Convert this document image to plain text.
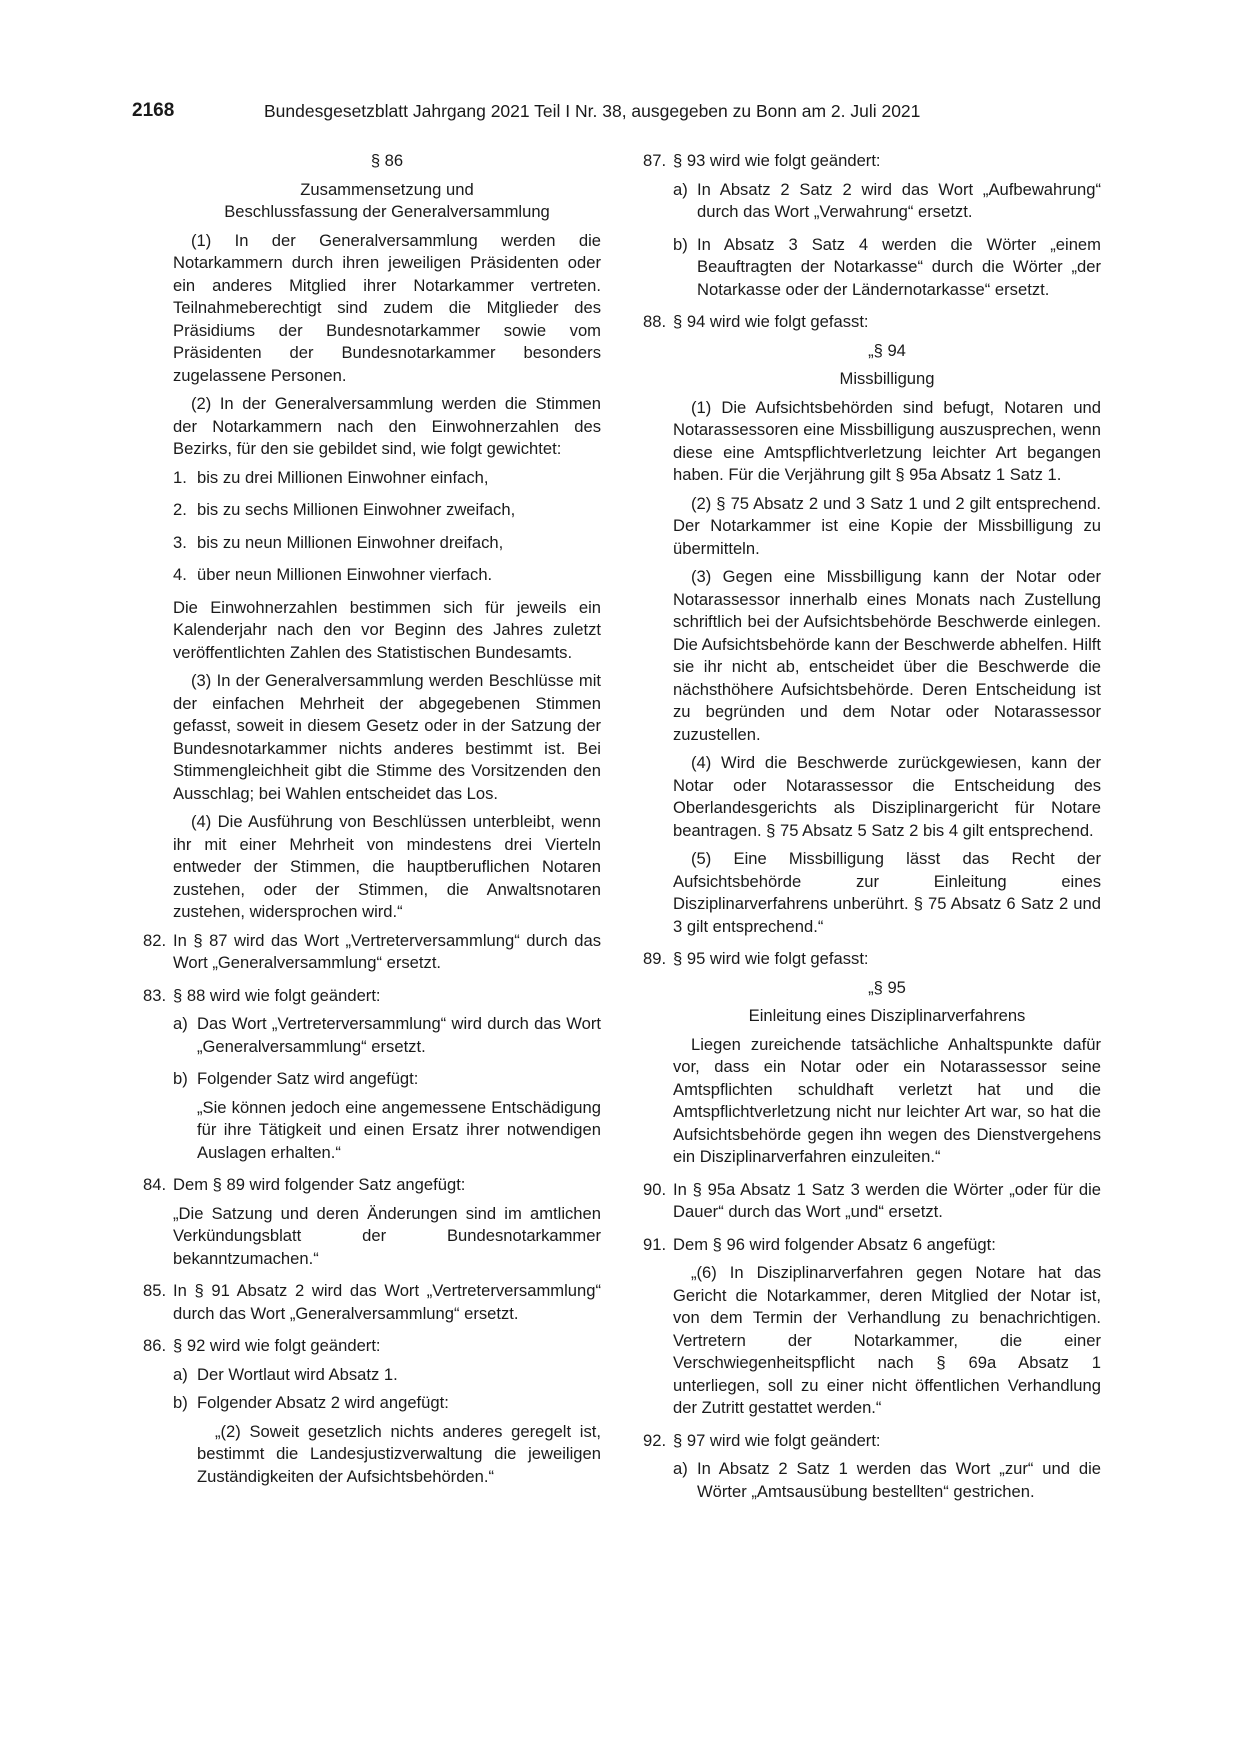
2168	Bundesgesetzblatt Jahrgang 2021 Teil I Nr. 38, ausgegeben zu Bonn am 2. Juli 2021

§ 86

Zusammensetzung und

Beschlussfassung der Generalversammlung

(1) In der Generalversammlung werden die Notarkammern durch ihren jeweiligen Präsidenten oder ein anderes Mitglied ihrer Notarkammer vertreten. Teilnahmeberechtigt sind zudem die Mitglieder des Präsidiums der Bundesnotarkammer sowie vom Präsidenten der Bundesnotarkammer besonders zugelassene Personen.

(2) In der Generalversammlung werden die Stimmen der Notarkammern nach den Einwohnerzahlen des Bezirks, für den sie gebildet sind, wie folgt gewichtet:

1. bis zu drei Millionen Einwohner einfach,
2. bis zu sechs Millionen Einwohner zweifach,
3. bis zu neun Millionen Einwohner dreifach,
4. über neun Millionen Einwohner vierfach.

Die Einwohnerzahlen bestimmen sich für jeweils ein Kalenderjahr nach den vor Beginn des Jahres zuletzt veröffentlichten Zahlen des Statistischen Bundesamts.

(3) In der Generalversammlung werden Beschlüsse mit der einfachen Mehrheit der abgegebenen Stimmen gefasst, soweit in diesem Gesetz oder in der Satzung der Bundesnotarkammer nichts anderes bestimmt ist. Bei Stimmengleichheit gibt die Stimme des Vorsitzenden den Ausschlag; bei Wahlen entscheidet das Los.

(4) Die Ausführung von Beschlüssen unterbleibt, wenn ihr mit einer Mehrheit von mindestens drei Vierteln entweder der Stimmen, die hauptberuflichen Notaren zustehen, oder der Stimmen, die Anwaltsnotaren zustehen, widersprochen wird.“

82. In § 87 wird das Wort „Vertreterversammlung“ durch das Wort „Generalversammlung“ ersetzt.
83. § 88 wird wie folgt geändert:
a) Das Wort „Vertreterversammlung“ wird durch das Wort „Generalversammlung“ ersetzt.
b) Folgender Satz wird angefügt:

„Sie können jedoch eine angemessene Entschädigung für ihre Tätigkeit und einen Ersatz ihrer notwendigen Auslagen erhalten.“

84. Dem § 89 wird folgender Satz angefügt:

„Die Satzung und deren Änderungen sind im amtlichen Verkündungsblatt der Bundesnotarkammer bekanntzumachen.“

85. In § 91 Absatz 2 wird das Wort „Vertreterversammlung“ durch das Wort „Generalversammlung“ ersetzt.
86. § 92 wird wie folgt geändert:
a) Der Wortlaut wird Absatz 1.
b) Folgender Absatz 2 wird angefügt:

„(2) Soweit gesetzlich nichts anderes geregelt ist, bestimmt die Landesjustizverwaltung die jeweiligen Zuständigkeiten der Aufsichtsbehörden.“

87. § 93 wird wie folgt geändert:
a) In Absatz 2 Satz 2 wird das Wort „Aufbewahrung“ durch das Wort „Verwahrung“ ersetzt.
b) In Absatz 3 Satz 4 werden die Wörter „einem Beauftragten der Notarkasse“ durch die Wörter „der Notarkasse oder der Ländernotarkasse“ ersetzt.
88. § 94 wird wie folgt gefasst:

„§ 94

Missbilligung

(1) Die Aufsichtsbehörden sind befugt, Notaren und Notarassessoren eine Missbilligung auszusprechen, wenn diese eine Amtspflichtverletzung leichter Art begangen haben. Für die Verjährung gilt § 95a Absatz 1 Satz 1.

(2) § 75 Absatz 2 und 3 Satz 1 und 2 gilt entsprechend. Der Notarkammer ist eine Kopie der Missbilligung zu übermitteln.

(3) Gegen eine Missbilligung kann der Notar oder Notarassessor innerhalb eines Monats nach Zustellung schriftlich bei der Aufsichtsbehörde Beschwerde einlegen. Die Aufsichtsbehörde kann der Beschwerde abhelfen. Hilft sie ihr nicht ab, entscheidet über die Beschwerde die nächsthöhere Aufsichtsbehörde. Deren Entscheidung ist zu begründen und dem Notar oder Notarassessor zuzustellen.

(4) Wird die Beschwerde zurückgewiesen, kann der Notar oder Notarassessor die Entscheidung des Oberlandesgerichts als Disziplinargericht für Notare beantragen. § 75 Absatz 5 Satz 2 bis 4 gilt entsprechend.

(5) Eine Missbilligung lässt das Recht der Aufsichtsbehörde zur Einleitung eines Disziplinarverfahrens unberührt. § 75 Absatz 6 Satz 2 und 3 gilt entsprechend.“

89. § 95 wird wie folgt gefasst:

„§ 95

Einleitung eines Disziplinarverfahrens

Liegen zureichende tatsächliche Anhaltspunkte dafür vor, dass ein Notar oder ein Notarassessor seine Amtspflichten schuldhaft verletzt hat und die Amtspflichtverletzung nicht nur leichter Art war, so hat die Aufsichtsbehörde gegen ihn wegen des Dienstvergehens ein Disziplinarverfahren einzuleiten.“

90. In § 95a Absatz 1 Satz 3 werden die Wörter „oder für die Dauer“ durch das Wort „und“ ersetzt.
91. Dem § 96 wird folgender Absatz 6 angefügt:

„(6) In Disziplinarverfahren gegen Notare hat das Gericht die Notarkammer, deren Mitglied der Notar ist, von dem Termin der Verhandlung zu benachrichtigen. Vertretern der Notarkammer, die einer Verschwiegenheitspflicht nach § 69a Absatz 1 unterliegen, soll zu einer nicht öffentlichen Verhandlung der Zutritt gestattet werden.“

92. § 97 wird wie folgt geändert:
a) In Absatz 2 Satz 1 werden das Wort „zur“ und die Wörter „Amtsausübung bestellten“ gestrichen.
